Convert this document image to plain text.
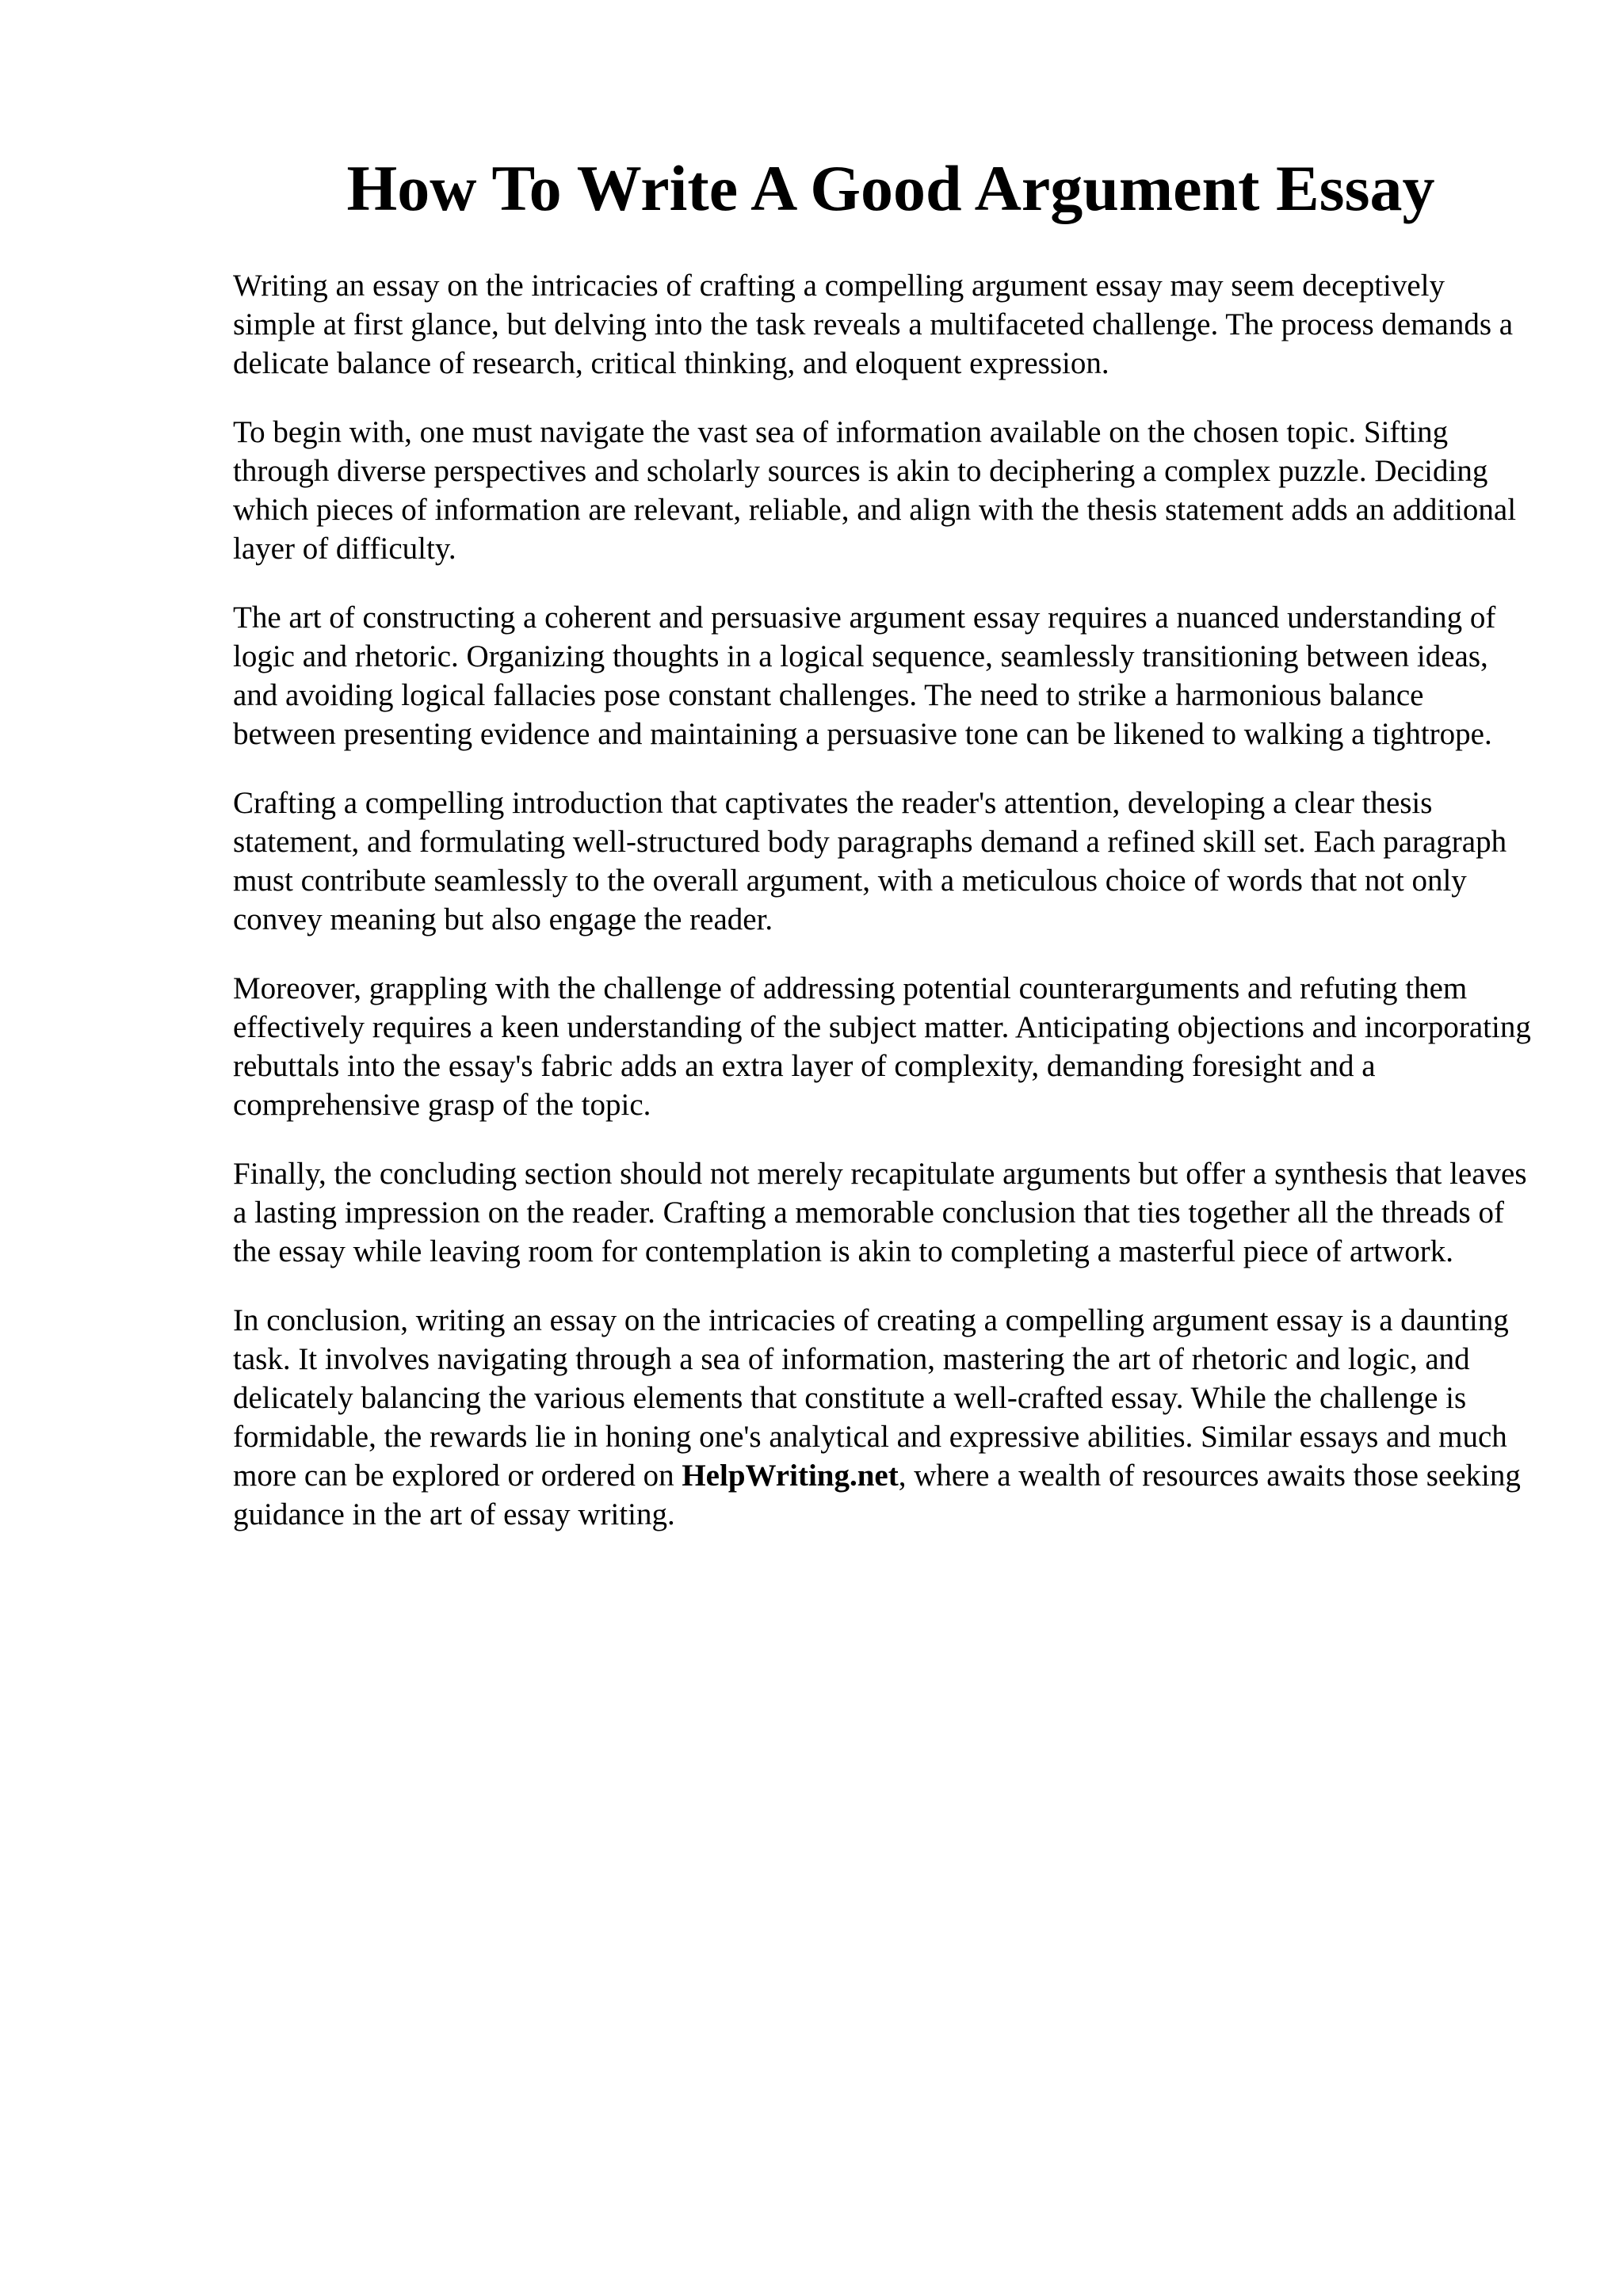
How To Write A Good Argument Essay

Writing an essay on the intricacies of crafting a compelling argument essay may seem deceptively simple at first glance, but delving into the task reveals a multifaceted challenge. The process demands a delicate balance of research, critical thinking, and eloquent expression.

To begin with, one must navigate the vast sea of information available on the chosen topic. Sifting through diverse perspectives and scholarly sources is akin to deciphering a complex puzzle. Deciding which pieces of information are relevant, reliable, and align with the thesis statement adds an additional layer of difficulty.

The art of constructing a coherent and persuasive argument essay requires a nuanced understanding of logic and rhetoric. Organizing thoughts in a logical sequence, seamlessly transitioning between ideas, and avoiding logical fallacies pose constant challenges. The need to strike a harmonious balance between presenting evidence and maintaining a persuasive tone can be likened to walking a tightrope.

Crafting a compelling introduction that captivates the reader's attention, developing a clear thesis statement, and formulating well-structured body paragraphs demand a refined skill set. Each paragraph must contribute seamlessly to the overall argument, with a meticulous choice of words that not only convey meaning but also engage the reader.

Moreover, grappling with the challenge of addressing potential counterarguments and refuting them effectively requires a keen understanding of the subject matter. Anticipating objections and incorporating rebuttals into the essay's fabric adds an extra layer of complexity, demanding foresight and a comprehensive grasp of the topic.

Finally, the concluding section should not merely recapitulate arguments but offer a synthesis that leaves a lasting impression on the reader. Crafting a memorable conclusion that ties together all the threads of the essay while leaving room for contemplation is akin to completing a masterful piece of artwork.

In conclusion, writing an essay on the intricacies of creating a compelling argument essay is a daunting task. It involves navigating through a sea of information, mastering the art of rhetoric and logic, and delicately balancing the various elements that constitute a well-crafted essay. While the challenge is formidable, the rewards lie in honing one's analytical and expressive abilities. Similar essays and much more can be explored or ordered on HelpWriting.net, where a wealth of resources awaits those seeking guidance in the art of essay writing.
